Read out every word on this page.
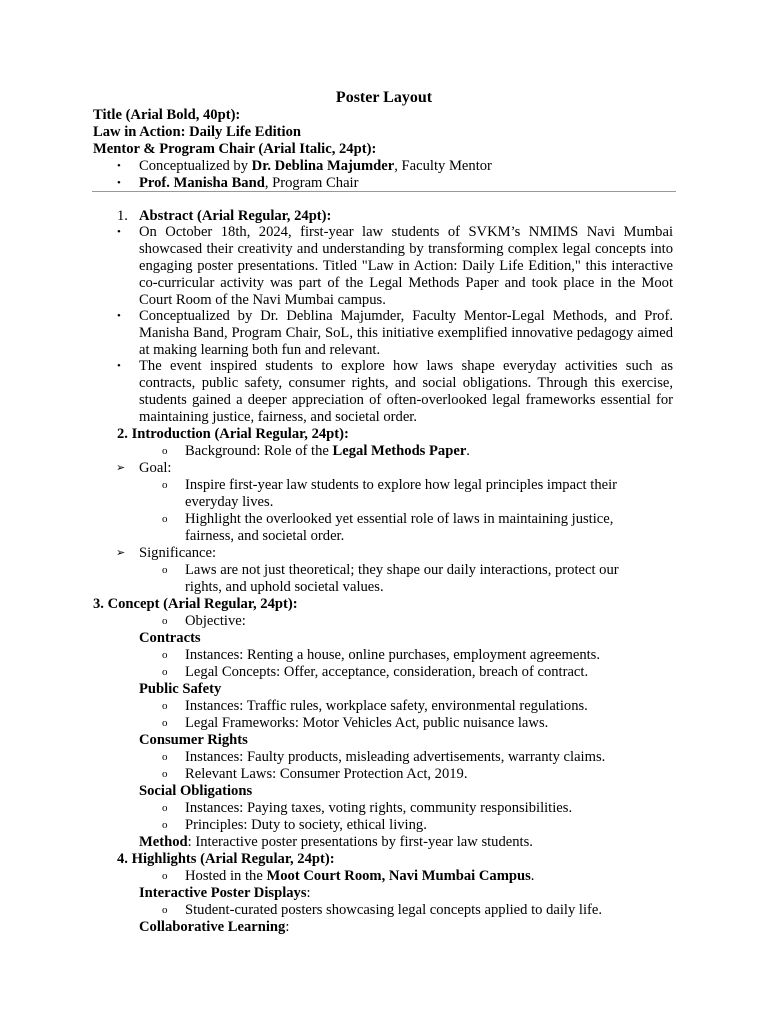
Poster Layout
Title (Arial Bold, 40pt):
Law in Action: Daily Life Edition
Mentor & Program Chair (Arial Italic, 24pt):
• Conceptualized by Dr. Deblina Majumder, Faculty Mentor
• Prof. Manisha Band, Program Chair
1. Abstract (Arial Regular, 24pt):
• On October 18th, 2024, first-year law students of SVKM’s NMIMS Navi Mumbai showcased their creativity and understanding by transforming complex legal concepts into engaging poster presentations. Titled "Law in Action: Daily Life Edition," this interactive co-curricular activity was part of the Legal Methods Paper and took place in the Moot Court Room of the Navi Mumbai campus.
• Conceptualized by Dr. Deblina Majumder, Faculty Mentor-Legal Methods, and Prof. Manisha Band, Program Chair, SoL, this initiative exemplified innovative pedagogy aimed at making learning both fun and relevant.
• The event inspired students to explore how laws shape everyday activities such as contracts, public safety, consumer rights, and social obligations. Through this exercise, students gained a deeper appreciation of often-overlooked legal frameworks essential for maintaining justice, fairness, and societal order.
2. Introduction (Arial Regular, 24pt):
o Background: Role of the Legal Methods Paper.
➢ Goal:
o Inspire first-year law students to explore how legal principles impact their
everyday lives.
o Highlight the overlooked yet essential role of laws in maintaining justice,
fairness, and societal order.
➢ Significance:
o Laws are not just theoretical; they shape our daily interactions, protect our
rights, and uphold societal values.
3. Concept (Arial Regular, 24pt):
o Objective:
Contracts
o Instances: Renting a house, online purchases, employment agreements.
o Legal Concepts: Offer, acceptance, consideration, breach of contract.
Public Safety
o Instances: Traffic rules, workplace safety, environmental regulations.
o Legal Frameworks: Motor Vehicles Act, public nuisance laws.
Consumer Rights
o Instances: Faulty products, misleading advertisements, warranty claims.
o Relevant Laws: Consumer Protection Act, 2019.
Social Obligations
o Instances: Paying taxes, voting rights, community responsibilities.
o Principles: Duty to society, ethical living.
Method: Interactive poster presentations by first-year law students.
4. Highlights (Arial Regular, 24pt):
o Hosted in the Moot Court Room, Navi Mumbai Campus.
Interactive Poster Displays:
o Student-curated posters showcasing legal concepts applied to daily life.
Collaborative Learning:
